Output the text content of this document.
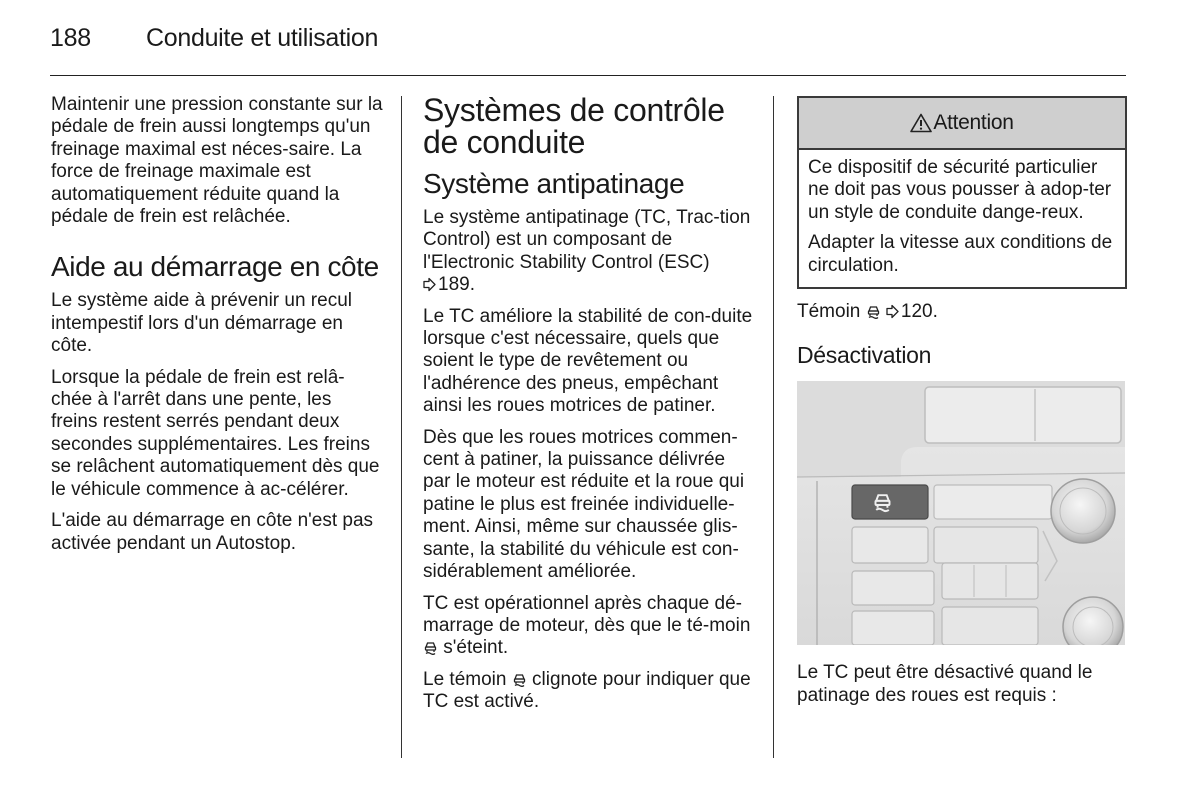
188 Conduite et utilisation

Maintenir une pression constante sur la pédale de frein aussi longtemps qu'un freinage maximal est néces-saire. La force de freinage maximale est automatiquement réduite quand la pédale de frein est relâchée.

Aide au démarrage en côte

Le système aide à prévenir un recul intempestif lors d'un démarrage en côte.

Lorsque la pédale de frein est relâ-chée à l'arrêt dans une pente, les freins restent serrés pendant deux secondes supplémentaires. Les freins se relâchent automatiquement dès que le véhicule commence à ac-célérer.

L'aide au démarrage en côte n'est pas activée pendant un Autostop.

Systèmes de contrôle de conduite
Système antipatinage

Le système antipatinage (TC, Trac-tion Control) est un composant de l'Electronic Stability Control (ESC)
189.

Le TC améliore la stabilité de con-duite lorsque c'est nécessaire, quels que soient le type de revêtement ou l'adhérence des pneus, empêchant ainsi les roues motrices de patiner.

Dès que les roues motrices commen-cent à patiner, la puissance délivrée par le moteur est réduite et la roue qui patine le plus est freinée individuelle-ment. Ainsi, même sur chaussée glis-sante, la stabilité du véhicule est con-sidérablement améliorée.

TC est opérationnel après chaque dé-marrage de moteur, dès que le té-moin  s'éteint.

Le témoin clignote pour indiquer que TC est activé.

Attention

Ce dispositif de sécurité particulier ne doit pas vous pousser à adop-ter un style de conduite dange-reux.

Adapter la vitesse aux conditions de circulation.

Témoin 120.

Désactivation

Le TC peut être désactivé quand le patinage des roues est requis :
